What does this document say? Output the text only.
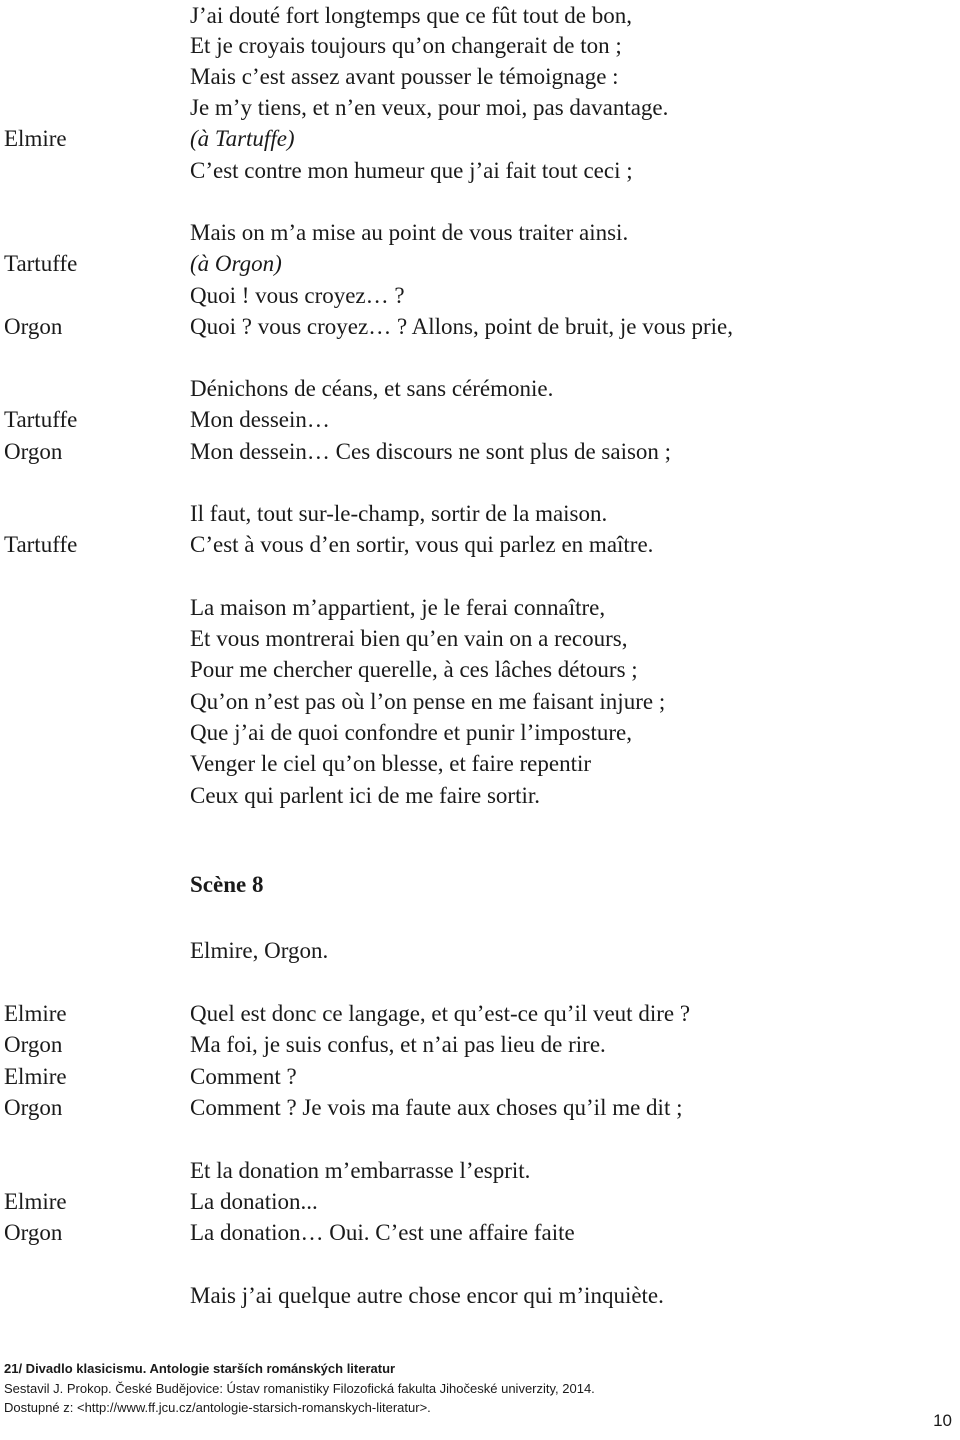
Elmire
Tartuffe
Orgon
Tartuffe
Orgon
Tartuffe
Elmire
Orgon
Elmire
Orgon
Elmire
Orgon
J’ai douté fort longtemps que ce fût tout de bon,
Et je croyais toujours qu’on changerait de ton ;
Mais c’est assez avant pousser le témoignage :
Je m’y tiens, et n’en veux, pour moi, pas davantage.
(à Tartuffe)
C’est contre mon humeur que j’ai fait tout ceci ;
Mais on m’a mise au point de vous traiter ainsi.
(à Orgon)
Quoi ! vous croyez… ?
Quoi ? vous croyez… ? Allons, point de bruit, je vous prie,
Dénichons de céans, et sans cérémonie.
Mon dessein…
Mon dessein… Ces discours ne sont plus de saison ;
Il faut, tout sur-le-champ, sortir de la maison.
C’est à vous d’en sortir, vous qui parlez en maître.
La maison m’appartient, je le ferai connaître,
Et vous montrerai bien qu’en vain on a recours,
Pour me chercher querelle, à ces lâches détours ;
Qu’on n’est pas où l’on pense en me faisant injure ;
Que j’ai de quoi confondre et punir l’imposture,
Venger le ciel qu’on blesse, et faire repentir
Ceux qui parlent ici de me faire sortir.
Scène 8
Elmire, Orgon.
Quel est donc ce langage, et qu’est-ce qu’il veut dire ?
Ma foi, je suis confus, et n’ai pas lieu de rire.
Comment ?
Comment ? Je vois ma faute aux choses qu’il me dit ;
Et la donation m’embarrasse l’esprit.
La donation...
La donation… Oui. C’est une affaire faite
Mais j’ai quelque autre chose encor qui m’inquiète.
21/ Divadlo klasicismu. Antologie starších románských literatur
Sestavil J. Prokop. České Budějovice: Ústav romanistiky Filozofická fakulta Jihočeské univerzity, 2014.
Dostupné z: <http://www.ff.jcu.cz/antologie-starsich-romanskych-literatur>.
10
